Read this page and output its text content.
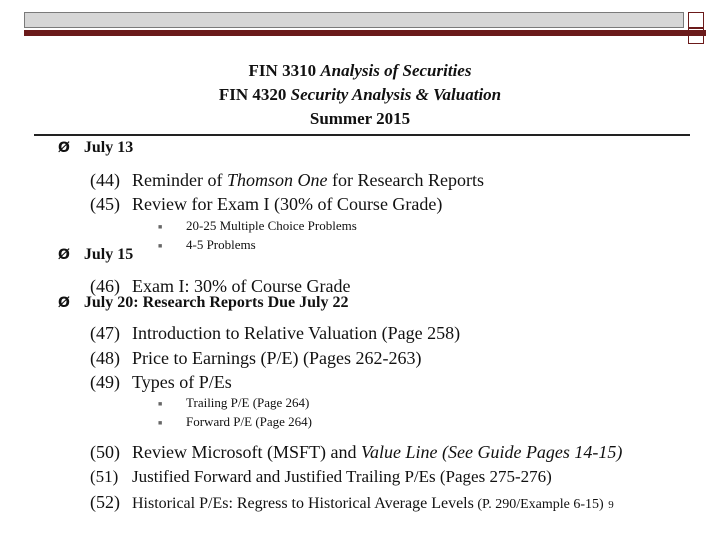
FIN 3310 Analysis of Securities
FIN 4320 Security Analysis & Valuation
Summer 2015
Ø July 13
(44) Reminder of Thomson One for Research Reports
(45) Review for Exam I (30% of Course Grade)
■ 20-25 Multiple Choice Problems
■ 4-5 Problems
Ø July 15
(46) Exam I: 30% of Course Grade
Ø July 20: Research Reports Due July 22
(47) Introduction to Relative Valuation (Page 258)
(48) Price to Earnings (P/E) (Pages 262-263)
(49) Types of P/Es
■ Trailing P/E (Page 264)
■ Forward P/E (Page 264)
(50) Review Microsoft (MSFT) and Value Line (See Guide Pages 14-15)
(51) Justified Forward and Justified Trailing P/Es (Pages 275-276)
(52) Historical P/Es: Regress to Historical Average Levels (P. 290/Example 6-15) 9
